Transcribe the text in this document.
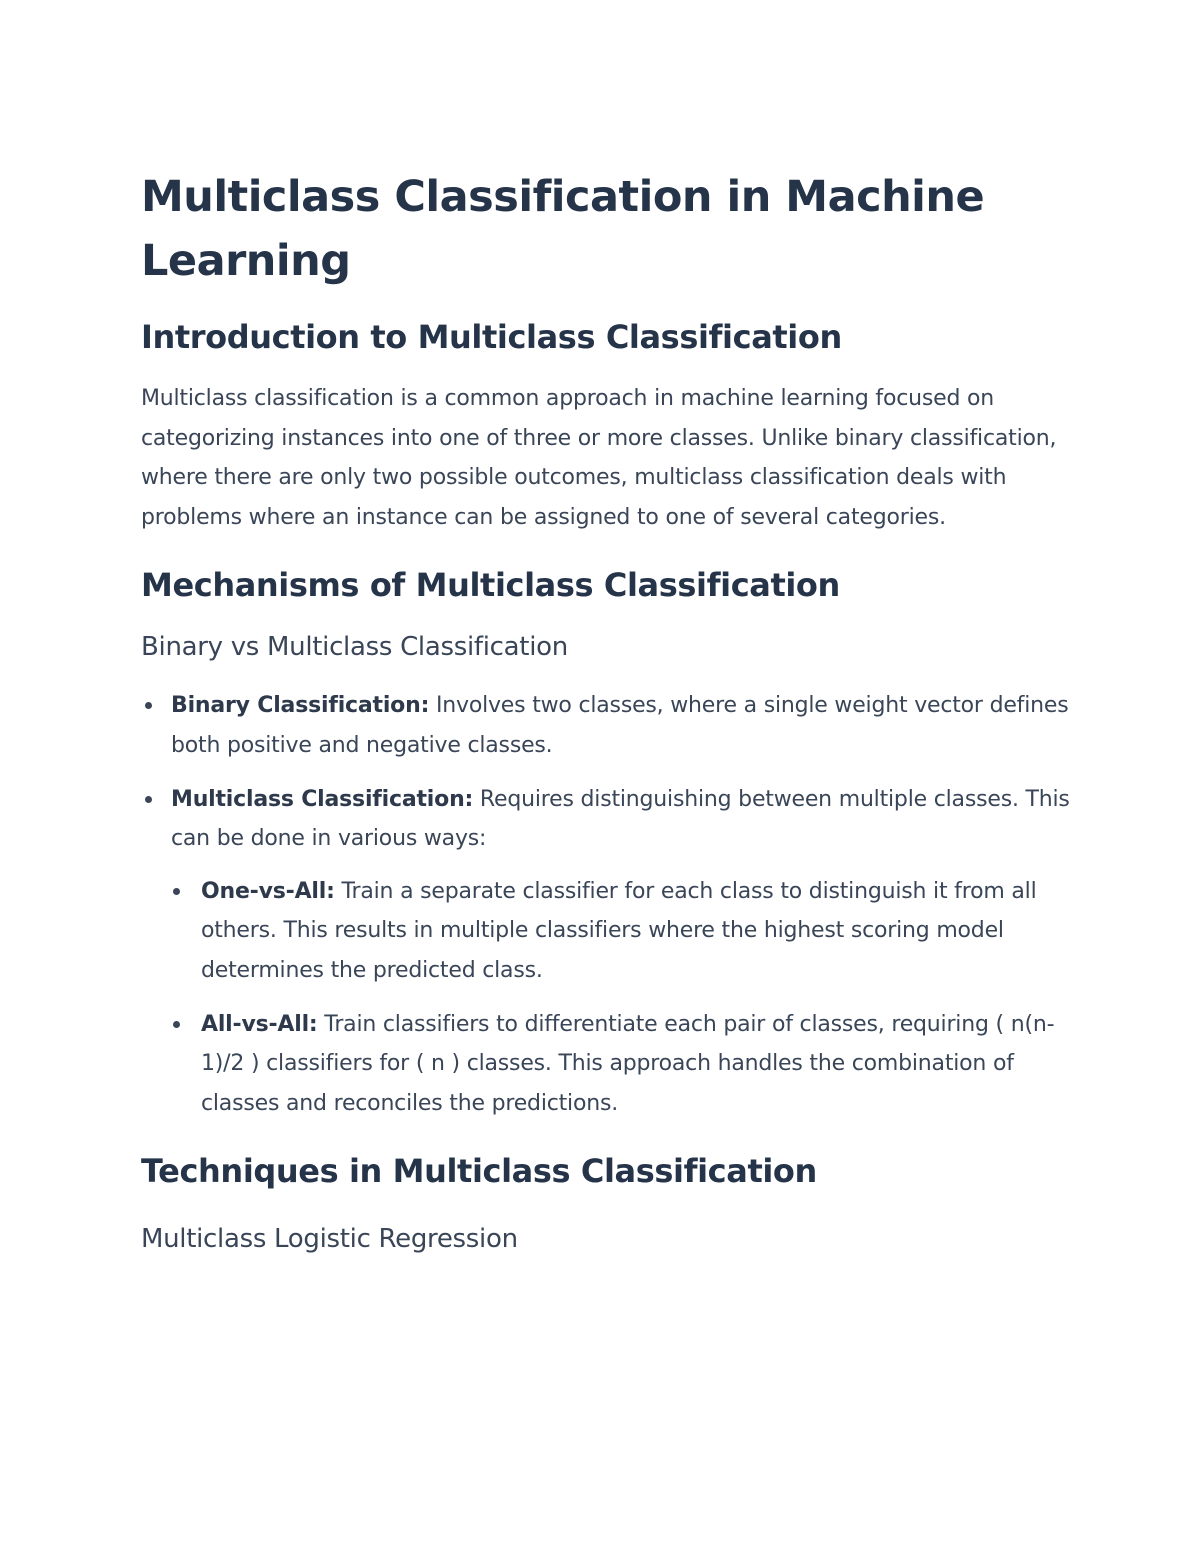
Multiclass Classification in Machine Learning
Introduction to Multiclass Classification

Multiclass classification is a common approach in machine learning focused on categorizing instances into one of three or more classes. Unlike binary classification, where there are only two possible outcomes, multiclass classification deals with problems where an instance can be assigned to one of several categories.

Mechanisms of Multiclass Classification
Binary vs Multiclass Classification
Binary Classification: Involves two classes, where a single weight vector defines both positive and negative classes.
Multiclass Classification: Requires distinguishing between multiple classes. This can be done in various ways:
One-vs-All: Train a separate classifier for each class to distinguish it from all others. This results in multiple classifiers where the highest scoring model determines the predicted class.
All-vs-All: Train classifiers to differentiate each pair of classes, requiring ( n(n-1)/2 ) classifiers for ( n ) classes. This approach handles the combination of classes and reconciles the predictions.
Techniques in Multiclass Classification
Multiclass Logistic Regression
